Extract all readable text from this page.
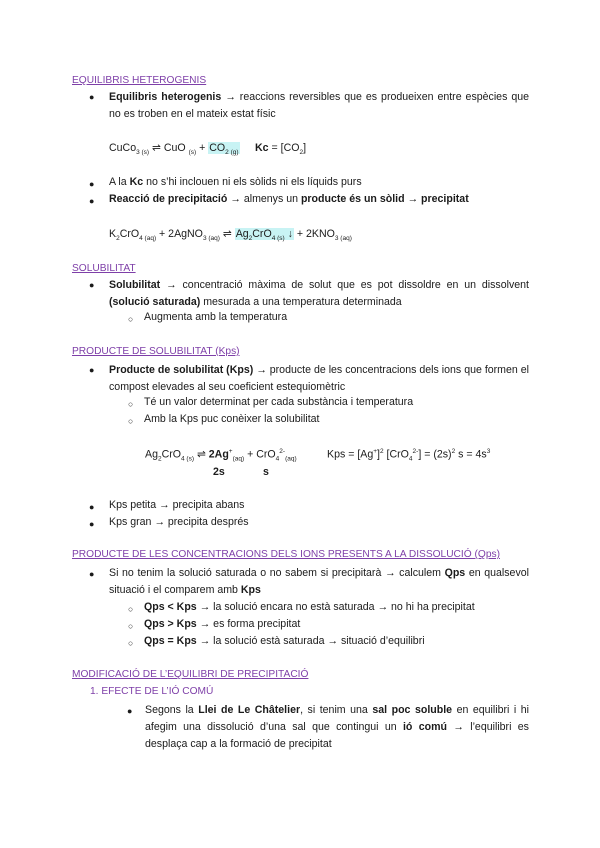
EQUILIBRIS HETEROGENIS
● Equilibris heterogenis → reaccions reversibles que es produeixen entre espècies que no es troben en el mateix estat físic
CuCo$_{3 (s)}$ ⇌ CuO $_{(s)} + CO_{2 (g)}$ $Kc = [CO_2]$
● A la Kc no s’hi inclouen ni els sòlids ni els líquids purs
● Reacció de precipitació → almenys un producte és un sòlid → precipitat
$K_2CrO_{4 (aq)}$ + 2AgNO$_{3 (aq)}$ ⇌ $Ag_2CrO_{4 (s)}$ ↓ + $2KNO_{3 (aq)}$
SOLUBILITAT
● Solubilitat → concentració màxima de solut que es pot dissoldre en un dissolvent (solució saturada) mesurada a una temperatura determinada
○ Augmenta amb la temperatura
PRODUCTE DE SOLUBILITAT (Kps)
● Producte de solubilitat (Kps) → producte de les concentracions dels ions que formen el compost elevades al seu coeficient estequiomètric
○ Té un valor determinat per cada substància i temperatura
○ Amb la Kps puc conèixer la solubilitat
$Ag_2CrO_{4 (s)}$ ⇌ $2Ag^+_{(aq)} + CrO_4^{2-}_{(aq)}$
2s	s
Kps = $[Ag^+]^2$ $[CrO_4^{2-}] = (2s)^2$ $s = 4s^3$
● Kps petita → precipita abans
● Kps gran → precipita després
PRODUCTE DE LES CONCENTRACIONS DELS IONS PRESENTS A LA DISSOLUCIÓ (Qps)
● Si no tenim la solució saturada o no sabem si precipitarà → calculem Qps en qualsevol situació i el comparem amb Kps
○ Qps < Kps → la solució encara no està saturada → no hi ha precipitat
○ Qps > Kps → es forma precipitat
○ Qps = Kps → la solució està saturada → situació d’equilibri
MODIFICACIÓ DE L’EQUILIBRI DE PRECIPITACIÓ
1. EFECTE DE L’IÓ COMÚ
● Segons la Llei de Le Châtelier, si tenim una sal poc soluble en equilibri i hi afegim una dissolució d’una sal que contingui un ió comú → l’equilibri es desplaça cap a la formació de precipitat
